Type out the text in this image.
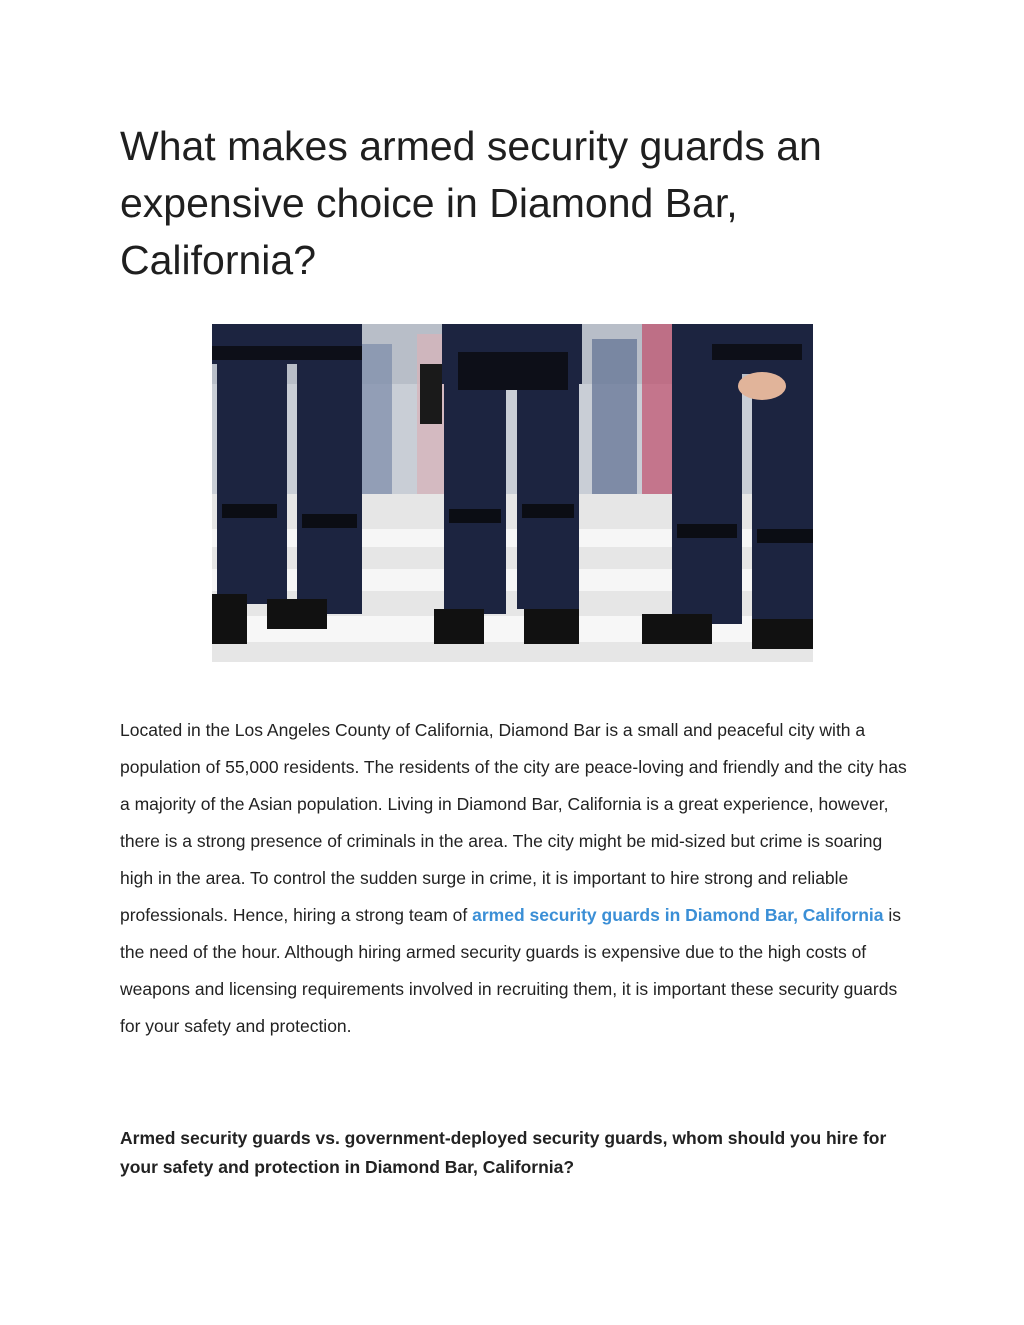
What makes armed security guards an expensive choice in Diamond Bar, California?

Located in the Los Angeles County of California, Diamond Bar is a small and peaceful city with a population of 55,000 residents. The residents of the city are peace-loving and friendly and the city has a majority of the Asian population. Living in Diamond Bar, California is a great experience, however, there is a strong presence of criminals in the area. The city might be mid-sized but crime is soaring high in the area. To control the sudden surge in crime, it is important to hire strong and reliable professionals. Hence, hiring a strong team of armed security guards in Diamond Bar, California is the need of the hour. Although hiring armed security guards is expensive due to the high costs of weapons and licensing requirements involved in recruiting them, it is important these security guards for your safety and protection.

Armed security guards vs. government-deployed security guards, whom should you hire for your safety and protection in Diamond Bar, California?
